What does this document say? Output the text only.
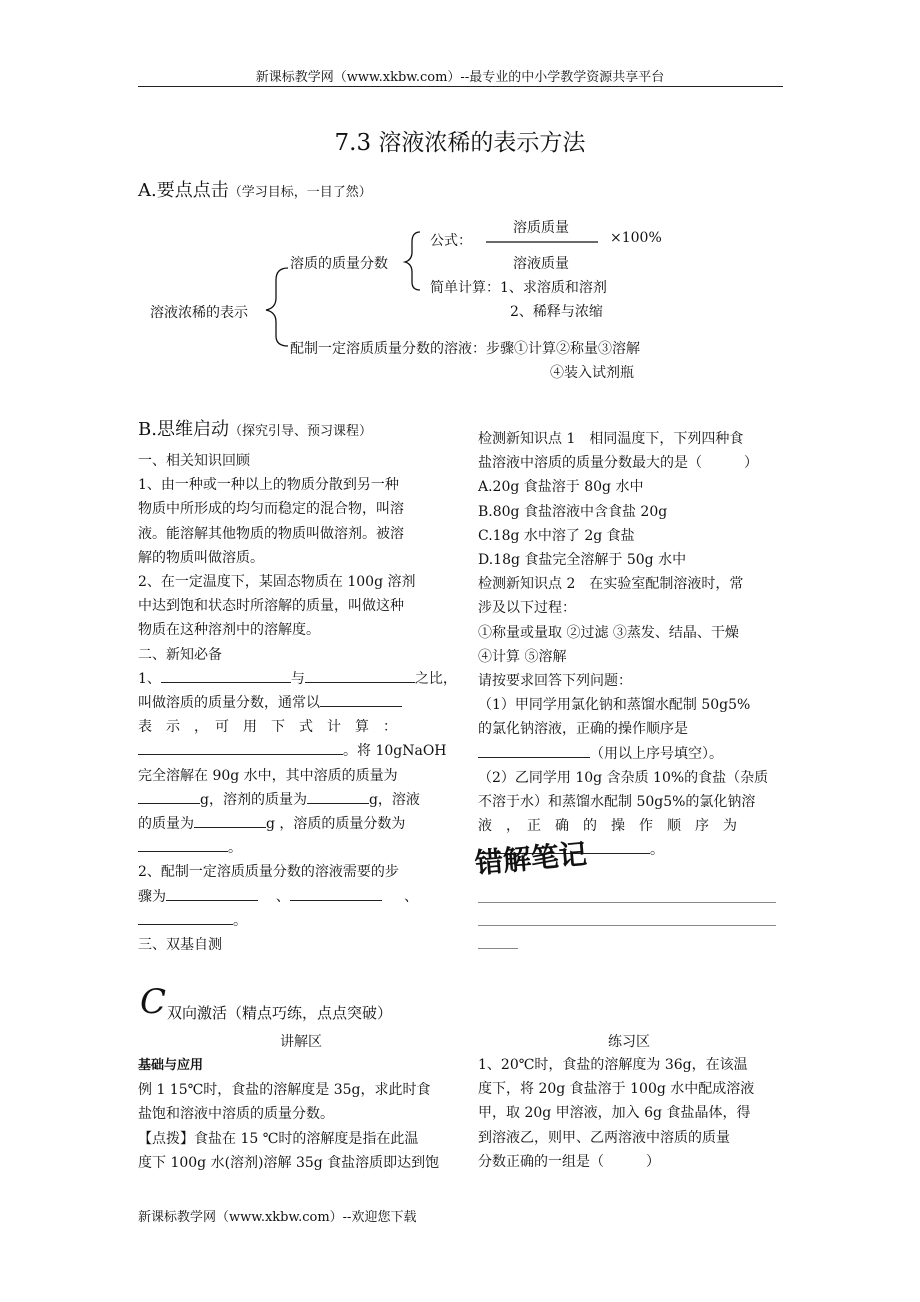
新课标教学网（www.xkbw.com）--最专业的中小学教学资源共享平台
7.3 溶液浓稀的表示方法
A.要点点击（学习目标，一目了然）
溶液浓稀的表示
溶质的质量分数
公式：
溶质质量
溶液质量
×100%
简单计算：1、求溶质和溶剂
2、稀释与浓缩
配制一定溶质质量分数的溶液：步骤①计算②称量③溶解
④装入试剂瓶
B.思维启动（探究引导、预习课程）
一、相关知识回顾
1、由一种或一种以上的物质分散到另一种
物质中所形成的均匀而稳定的混合物，叫溶
液。能溶解其他物质的物质叫做溶剂。被溶
解的物质叫做溶质。
2、在一定温度下，某固态物质在 100g 溶剂
中达到饱和状态时所溶解的质量，叫做这种
物质在这种溶剂中的溶解度。
二、新知必备
1、	与	之比，
叫做溶质的质量分数，通常以
表　示　，　可　用　下　式　计　算　：
。将 10gNaOH
完全溶解在 90g 水中，其中溶质的质量为
g，溶剂的质量为	g，溶液
的质量为	g ，溶质的质量分数为
。
2、配制一定溶质质量分数的溶液需要的步
骤为	、	、
。
三、双基自测
检测新知识点 1　相同温度下，下列四种食
盐溶液中溶质的质量分数最大的是（　　　）
A.20g 食盐溶于 80g 水中
B.80g 食盐溶液中含食盐 20g
C.18g 水中溶了 2g 食盐
D.18g 食盐完全溶解于 50g 水中
检测新知识点 2　在实验室配制溶液时，常
涉及以下过程：
①称量或量取 ②过滤 ③蒸发、结晶、干燥
④计算 ⑤溶解
请按要求回答下列问题：
（1）甲同学用氯化钠和蒸馏水配制 50g5%
的氯化钠溶液，正确的操作顺序是
（用以上序号填空）。
（2）乙同学用 10g 含杂质 10%的食盐（杂质
不溶于水）和蒸馏水配制 50g5%的氯化钠溶
液　，　正　确　的　操　作　顺　序　为
。
错解笔记
C 双向激活（精点巧练，点点突破）
讲解区	练习区
基础与应用
例 1 15℃时，食盐的溶解度是 35g，求此时食
盐饱和溶液中溶质的质量分数。
【点拨】食盐在 15 ℃时的溶解度是指在此温
度下 100g 水(溶剂)溶解 35g 食盐溶质即达到饱
1、20℃时，食盐的溶解度为 36g，在该温
度下，将 20g 食盐溶于 100g 水中配成溶液
甲，取 20g 甲溶液，加入 6g 食盐晶体，得
到溶液乙，则甲、乙两溶液中溶质的质量
分数正确的一组是（　　　）
新课标教学网（www.xkbw.com）--欢迎您下载
